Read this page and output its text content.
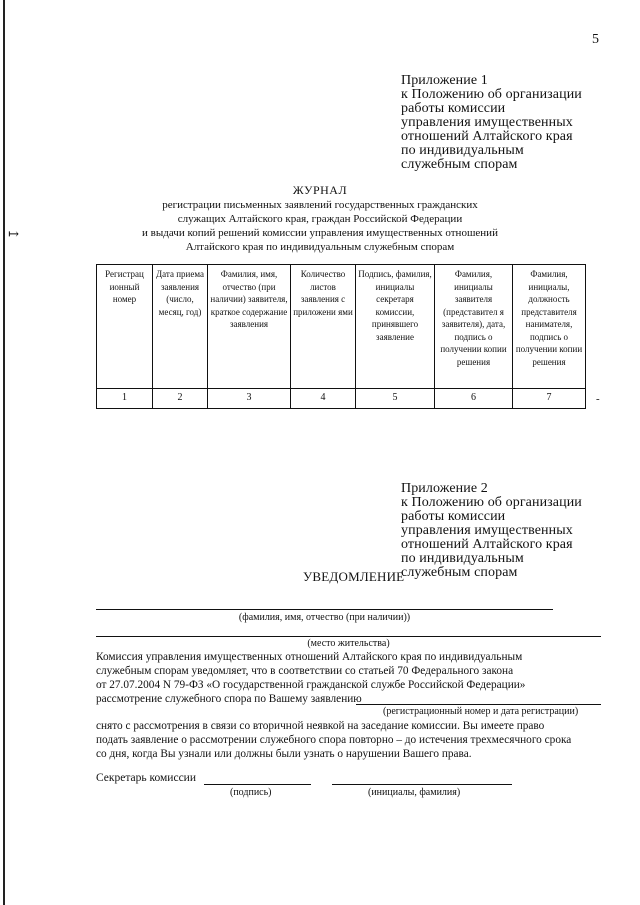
↦
5
Приложение 1
к Положению об организации
работы комиссии
управления имущественных
отношений Алтайского края
по индивидуальным
служебным спорам
ЖУРНАЛ
регистрации письменных заявлений государственных гражданских
служащих Алтайского края, граждан Российской Федерации
и выдачи копий решений комиссии управления имущественных отношений
Алтайского края по индивидуальным служебным спорам
Регистрац ионный номер	Дата приема заявления (число, месяц, год)	Фамилия, имя, отчество (при наличии) заявителя, краткое содержание заявления	Количество листов заявления с приложени ями	Подпись, фамилия, инициалы секретаря комиссии, принявшего заявление	Фамилия, инициалы заявителя (представител я заявителя), дата, подпись о получении копии решения	Фамилия, инициалы, должность представителя нанимателя, подпись о получении копии решения
1	2	3	4	5	6	7	-
Приложение 2
к Положению об организации
работы комиссии
управления имущественных
отношений Алтайского края
по индивидуальным
служебным спорам
УВЕДОМЛЕНИЕ
(фамилия, имя, отчество (при наличии))
(место жительства)
Комиссия управления имущественных отношений Алтайского края по индивидуальным
служебным спорам уведомляет, что в соответствии со статьей 70 Федерального закона
от 27.07.2004 N 79-ФЗ «О государственной гражданской службе Российской Федерации»
рассмотрение служебного спора по Вашему заявлению
(регистрационный номер и дата регистрации)
снято с рассмотрения в связи со вторичной неявкой на заседание комиссии. Вы имеете право
подать заявление о рассмотрении служебного спора повторно – до истечения трехмесячного срока
со дня, когда Вы узнали или должны были узнать о нарушении Вашего права.
Секретарь комиссии
(подпись)	(инициалы, фамилия)
